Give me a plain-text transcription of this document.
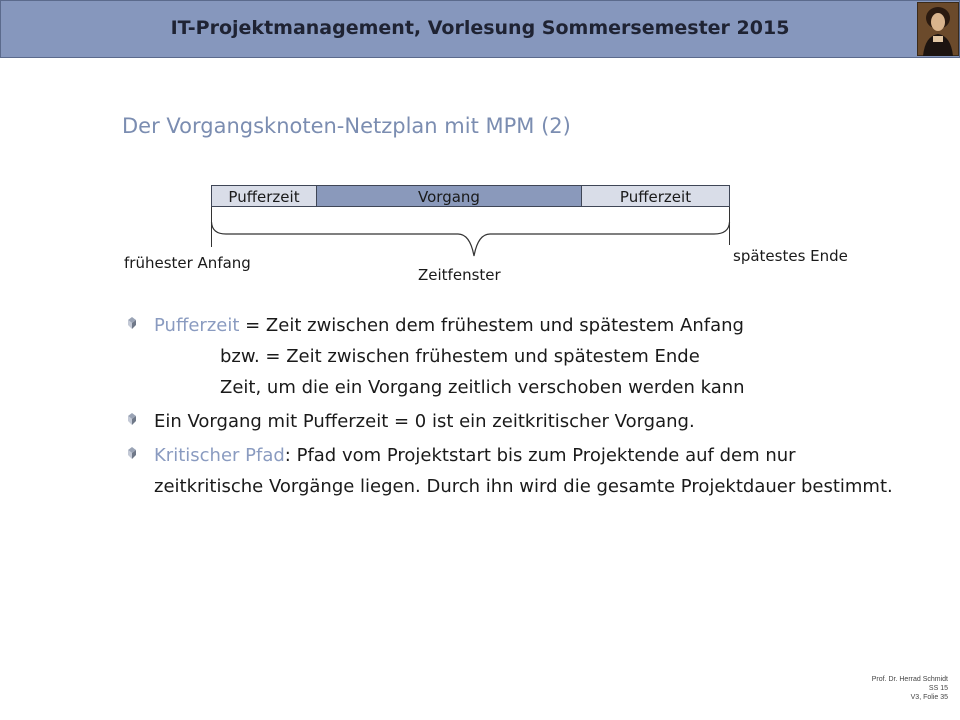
IT-Projektmanagement, Vorlesung Sommersemester 2015
Der Vorgangsknoten-Netzplan mit MPM (2)
Pufferzeit	Vorgang	Pufferzeit
frühester Anfang	spätestes Ende
Zeitfenster
Pufferzeit = Zeit zwischen dem frühestem und spätestem Anfang
bzw. = Zeit zwischen frühestem und spätestem Ende
Zeit, um die ein Vorgang zeitlich verschoben werden kann
Ein Vorgang mit Pufferzeit = 0 ist ein zeitkritischer Vorgang.
Kritischer Pfad: Pfad vom Projektstart bis zum Projektende auf dem nur zeitkritische Vorgänge liegen. Durch ihn wird die gesamte Projektdauer bestimmt.
Prof. Dr. Herrad Schmidt
SS 15
V3, Folie 35
